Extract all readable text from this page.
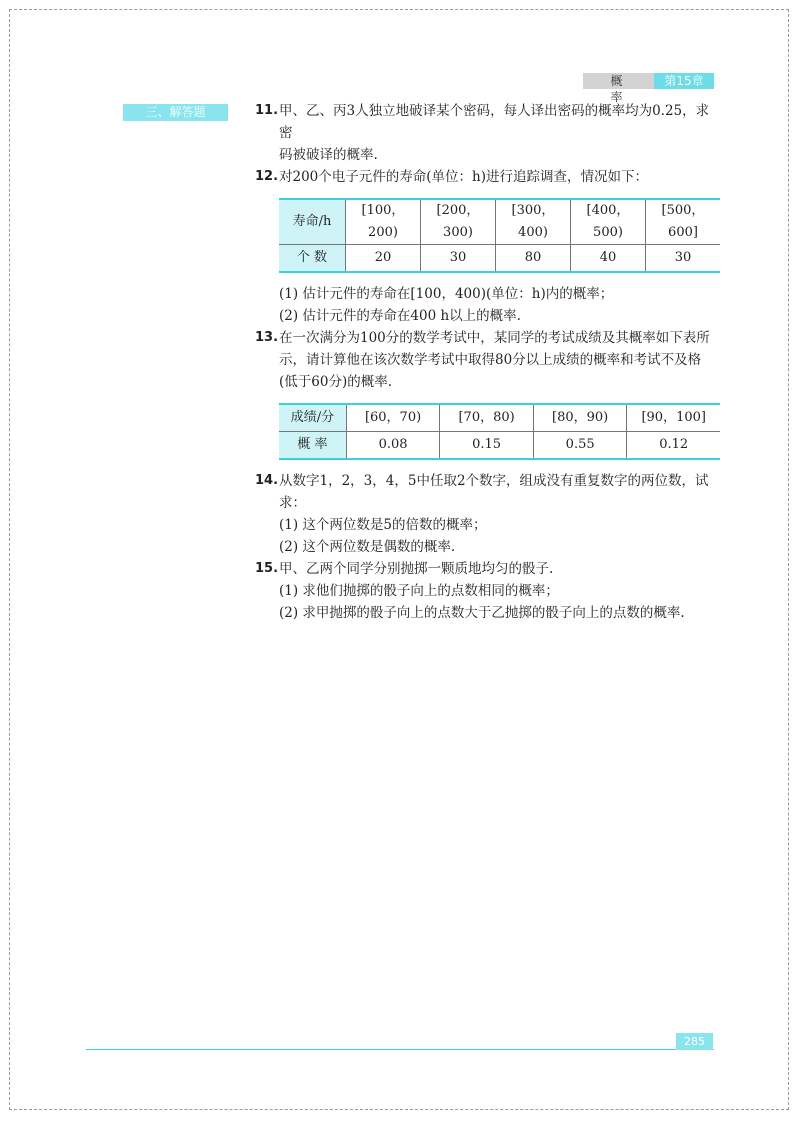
概 率
第15章
三、解答题	11. 甲、乙、丙3人独立地破译某个密码，每人译出密码的概率均为0.25，求密
码被破译的概率.
12. 对200个电子元件的寿命(单位：h)进行追踪调查，情况如下：
寿命/h	[100，200)	[200，300)	[300，400)	[400，500)	[500，600]
个 数	20	30	80	40	30
(1) 估计元件的寿命在[100，400)(单位：h)内的概率；
(2) 估计元件的寿命在400 h以上的概率.
13. 在一次满分为100分的数学考试中，某同学的考试成绩及其概率如下表所
示，请计算他在该次数学考试中取得80分以上成绩的概率和考试不及格
(低于60分)的概率.
成绩/分	[60，70)	[70，80)	[80，90)	[90，100]
概 率	0.08	0.15	0.55	0.12
14. 从数字1，2，3，4，5中任取2个数字，组成没有重复数字的两位数，试求：
(1) 这个两位数是5的倍数的概率；
(2) 这个两位数是偶数的概率.
15. 甲、乙两个同学分别抛掷一颗质地均匀的骰子.
(1) 求他们抛掷的骰子向上的点数相同的概率；
(2) 求甲抛掷的骰子向上的点数大于乙抛掷的骰子向上的点数的概率.
285
